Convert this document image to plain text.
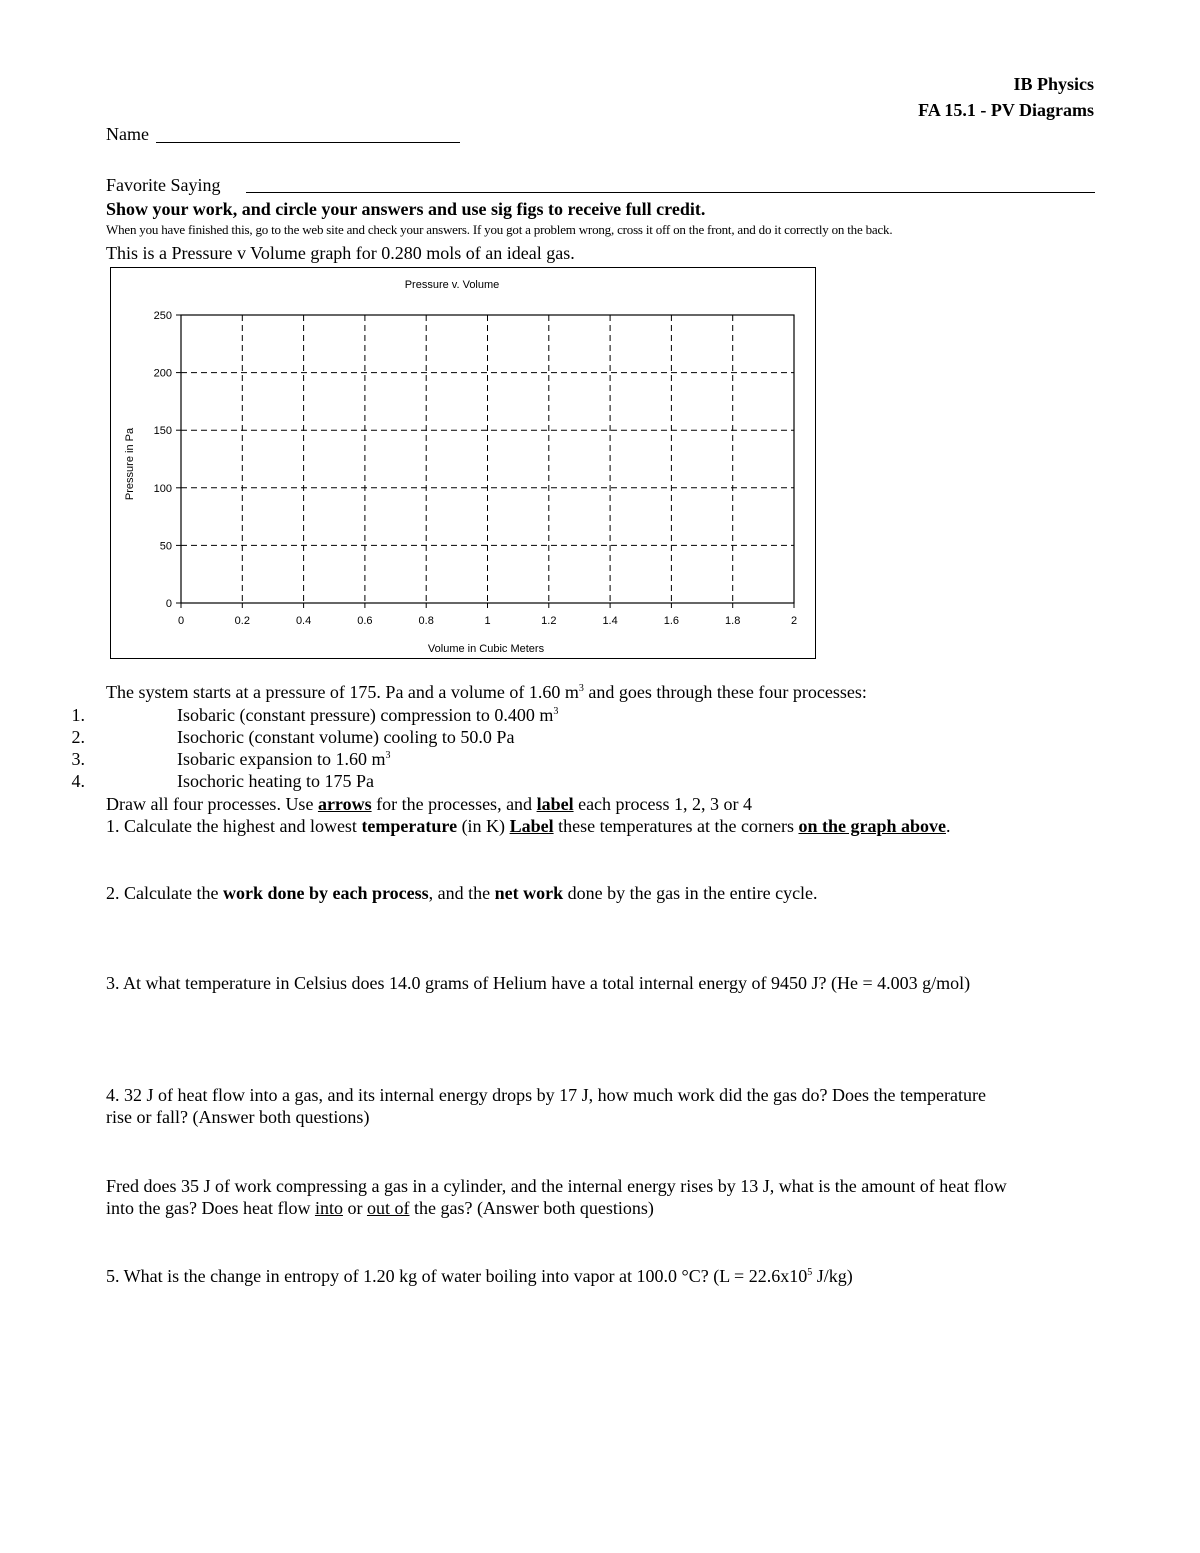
IB Physics
FA 15.1 - PV Diagrams
Name
Favorite Saying
Show your work, and circle your answers and use sig figs to receive full credit.
When you have finished this, go to the web site and check your answers. If you got a problem wrong, cross it off on the front, and do it correctly on the back.
This is a Pressure v Volume graph for 0.280 mols of an ideal gas.
Pressure v. Volume
Volume in Cubic Meters
Pressure in Pa
0	0.2	0.4	0.6	0.8	1	1.2	1.4	1.6	1.8	2
0
50
100
150
200
250
The system starts at a pressure of 175. Pa and a volume of 1.60 $m^3$ and goes through these four processes:
1.	Isobaric (constant pressure) compression to 0.400 $m^3$
2.	Isochoric (constant volume) cooling to 50.0 Pa
3.	Isobaric expansion to 1.60 $m^3$
4.	Isochoric heating to 175 Pa
Draw all four processes. Use arrows for the processes, and label each process 1, 2, 3 or 4
1. Calculate the highest and lowest temperature (in K) Label these temperatures at the corners on the graph above.
2. Calculate the work done by each process, and the net work done by the gas in the entire cycle.
3. At what temperature in Celsius does 14.0 grams of Helium have a total internal energy of 9450 J? (He = 4.003 g/mol)
4. 32 J of heat flow into a gas, and its internal energy drops by 17 J, how much work did the gas do? Does the temperature
rise or fall? (Answer both questions)
Fred does 35 J of work compressing a gas in a cylinder, and the internal energy rises by 13 J, what is the amount of heat flow
into the gas? Does heat flow into or out of the gas? (Answer both questions)
5. What is the change in entropy of 1.20 kg of water boiling into vapor at 100.0 °C? ($L = 22.6x10^5$ J/kg)
